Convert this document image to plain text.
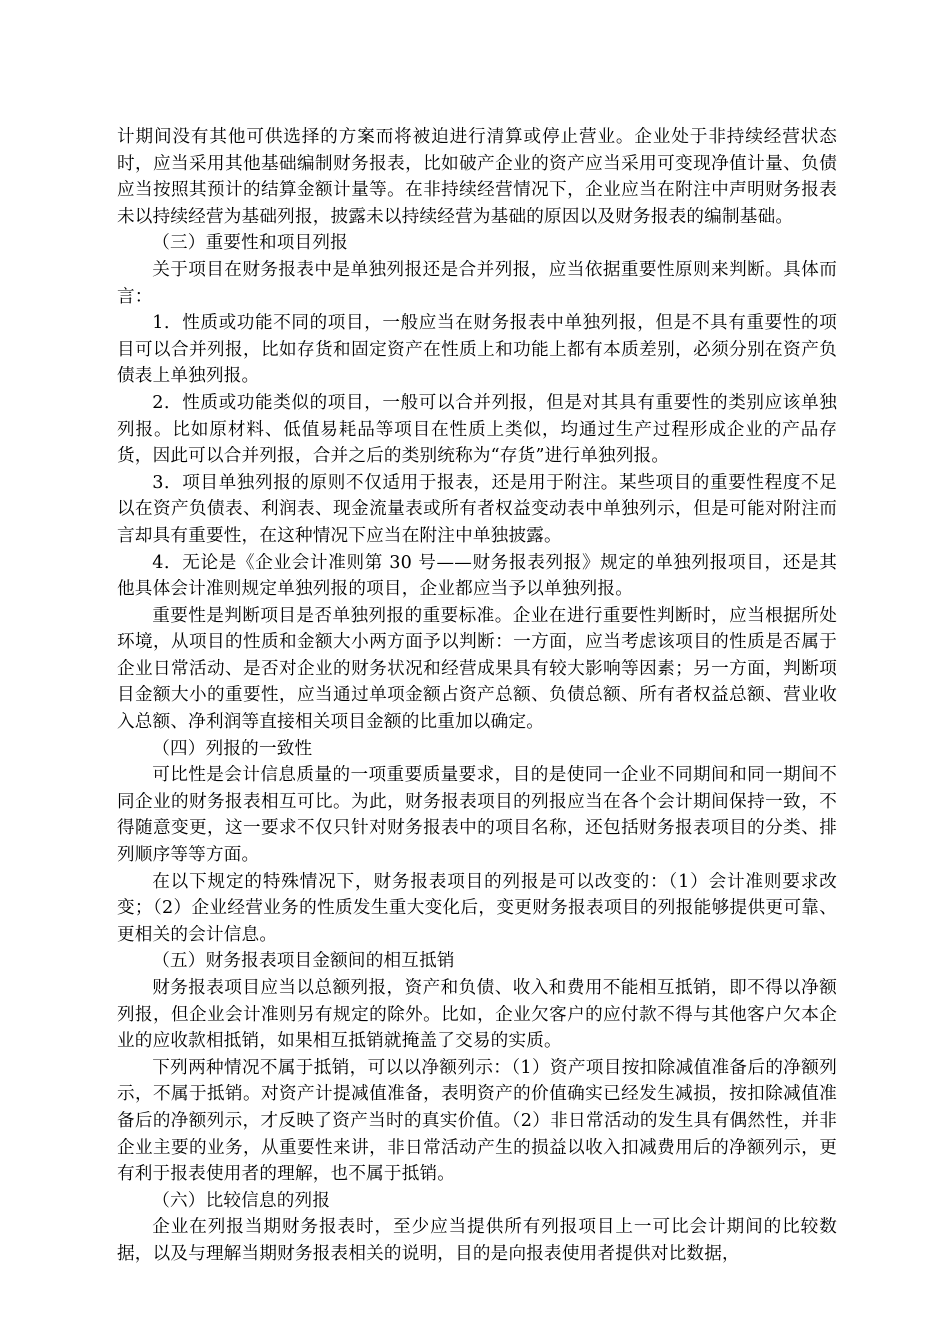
计期间没有其他可供选择的方案而将被迫进行清算或停止营业。企业处于非持续经营状态时，应当采用其他基础编制财务报表，比如破产企业的资产应当采用可变现净值计量、负债应当按照其预计的结算金额计量等。在非持续经营情况下，企业应当在附注中声明财务报表未以持续经营为基础列报，披露未以持续经营为基础的原因以及财务报表的编制基础。

（三）重要性和项目列报

关于项目在财务报表中是单独列报还是合并列报，应当依据重要性原则来判断。具体而言：

1．性质或功能不同的项目，一般应当在财务报表中单独列报，但是不具有重要性的项目可以合并列报，比如存货和固定资产在性质上和功能上都有本质差别，必须分别在资产负债表上单独列报。

2．性质或功能类似的项目，一般可以合并列报，但是对其具有重要性的类别应该单独列报。比如原材料、低值易耗品等项目在性质上类似，均通过生产过程形成企业的产品存货，因此可以合并列报，合并之后的类别统称为“存货”进行单独列报。

3．项目单独列报的原则不仅适用于报表，还是用于附注。某些项目的重要性程度不足以在资产负债表、利润表、现金流量表或所有者权益变动表中单独列示，但是可能对附注而言却具有重要性，在这种情况下应当在附注中单独披露。

4．无论是《企业会计准则第 30 号——财务报表列报》规定的单独列报项目，还是其他具体会计准则规定单独列报的项目，企业都应当予以单独列报。

重要性是判断项目是否单独列报的重要标准。企业在进行重要性判断时，应当根据所处环境，从项目的性质和金额大小两方面予以判断：一方面，应当考虑该项目的性质是否属于企业日常活动、是否对企业的财务状况和经营成果具有较大影响等因素；另一方面，判断项目金额大小的重要性，应当通过单项金额占资产总额、负债总额、所有者权益总额、营业收入总额、净利润等直接相关项目金额的比重加以确定。

（四）列报的一致性

可比性是会计信息质量的一项重要质量要求，目的是使同一企业不同期间和同一期间不同企业的财务报表相互可比。为此，财务报表项目的列报应当在各个会计期间保持一致，不得随意变更，这一要求不仅只针对财务报表中的项目名称，还包括财务报表项目的分类、排列顺序等等方面。

在以下规定的特殊情况下，财务报表项目的列报是可以改变的：（1）会计准则要求改变；（2）企业经营业务的性质发生重大变化后，变更财务报表项目的列报能够提供更可靠、更相关的会计信息。

（五）财务报表项目金额间的相互抵销

财务报表项目应当以总额列报，资产和负债、收入和费用不能相互抵销，即不得以净额列报，但企业会计准则另有规定的除外。比如，企业欠客户的应付款不得与其他客户欠本企业的应收款相抵销，如果相互抵销就掩盖了交易的实质。

下列两种情况不属于抵销，可以以净额列示：（1）资产项目按扣除减值准备后的净额列示，不属于抵销。对资产计提减值准备，表明资产的价值确实已经发生减损，按扣除减值准备后的净额列示，才反映了资产当时的真实价值。（2）非日常活动的发生具有偶然性，并非企业主要的业务，从重要性来讲，非日常活动产生的损益以收入扣减费用后的净额列示，更有利于报表使用者的理解，也不属于抵销。

（六）比较信息的列报

企业在列报当期财务报表时，至少应当提供所有列报项目上一可比会计期间的比较数据，以及与理解当期财务报表相关的说明，目的是向报表使用者提供对比数据，
